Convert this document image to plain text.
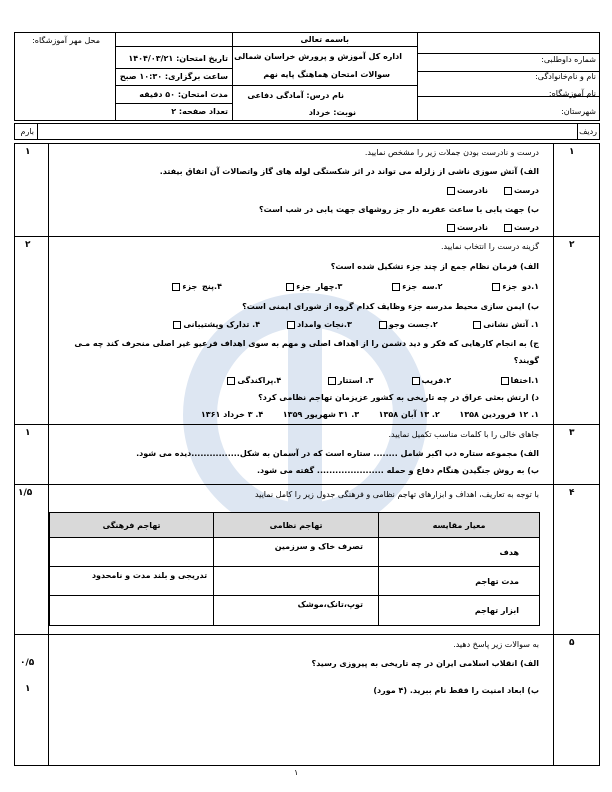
محل مهر آموزشگاه:	باسمه تعالی
اداره کل آموزش و پرورش خراسان شمالی
سوالات امتحان هماهنگ پایه نهم
نام درس: آمادگی دفاعی
نوبت: خرداد
تاریخ امتحان: ۱۴۰۴/۰۳/۲۱
ساعت برگزاری: ۱۰:۳۰ صبح
مدت امتحان: ۵۰ دقیقه
تعداد صفحه: ۲
شماره داوطلبی:
نام و نام‌خانوادگی:
نام آموزشگاه:
شهرستان:
ردیف
بارم
۱
۱	درست و نادرست بودن جملات زیر را مشخص نمایید.
الف) آتش سوزی ناشی از زلزله می تواند در اثر شکستگی لوله های گاز واتصالات آن اتفاق بیفتد.
درست     نادرست
ب) جهت یابی با ساعت عقربه دار جز روشهای جهت یابی در شب است؟
درست     نادرست
۲
۲	گزینه درست را انتخاب نمایید.
الف) فرمان نظام جمع از چند جزء تشکیل شده است؟
۱.دو جزء          ۲.سه جزء          ۳.چهار جزء             ۴.پنج جزء
ب) ایمن سازی محیط مدرسه جزء وظایف کدام گروه از شورای ایمنی است؟
۱. آتش نشانی            ۲.جست وجو         ۳.نجات وامداد         ۴. تدارک وپشتیبانی
ج) به انجام کارهایی که فکر و دید دشمن را از اهداف اصلی و مهم به سوی اهداف فرعیو غیر اصلی منحرف کند چه مـی
گویند؟
۱.اختفا                 ۲.فریب             ۳. استتار                ۴.پراکندگی
د) ارتش بعثی عراق در چه تاریخی به کشور عزیزمان تهاجم نظامی کرد؟
۱. ۱۲ فروردین ۱۳۵۸       ۲. ۱۳ آبان ۱۳۵۸       ۳. ۳۱ شهریور ۱۳۵۹       ۴. ۳ خرداد ۱۳۶۱
۳
۱	جاهای خالی را با کلمات مناسب تکمیل نمایید.
الف) مجموعه ستاره دب اکبر شامل ........ ستاره است که در آسمان به شکل................دیده می شود.
ب) به روش جنگیدن هنگام دفاع و حمله ...................... گفته می شود.
۴
۱/۵	با توجه به تعاریف، اهداف و ابزارهای تهاجم نظامی و فرهنگی جدول زیر را کامل نمایید
معیار مقایسه	تهاجم نظامی	تهاجم فرهنگی
هدف	تصرف خاک و سرزمین	
مدت تهاجم		تدریجی و بلند مدت و نامحدود
ابزار تهاجم	توپ،تانک،موشک	
۵
۰/۵
۱
به سوالات زیر پاسخ دهید.
الف) انقلاب اسلامی ایران در چه تاریخی به پیروزی رسید؟
ب) ابعاد امنیت را فقط نام ببرید. (۴ مورد)
۱
